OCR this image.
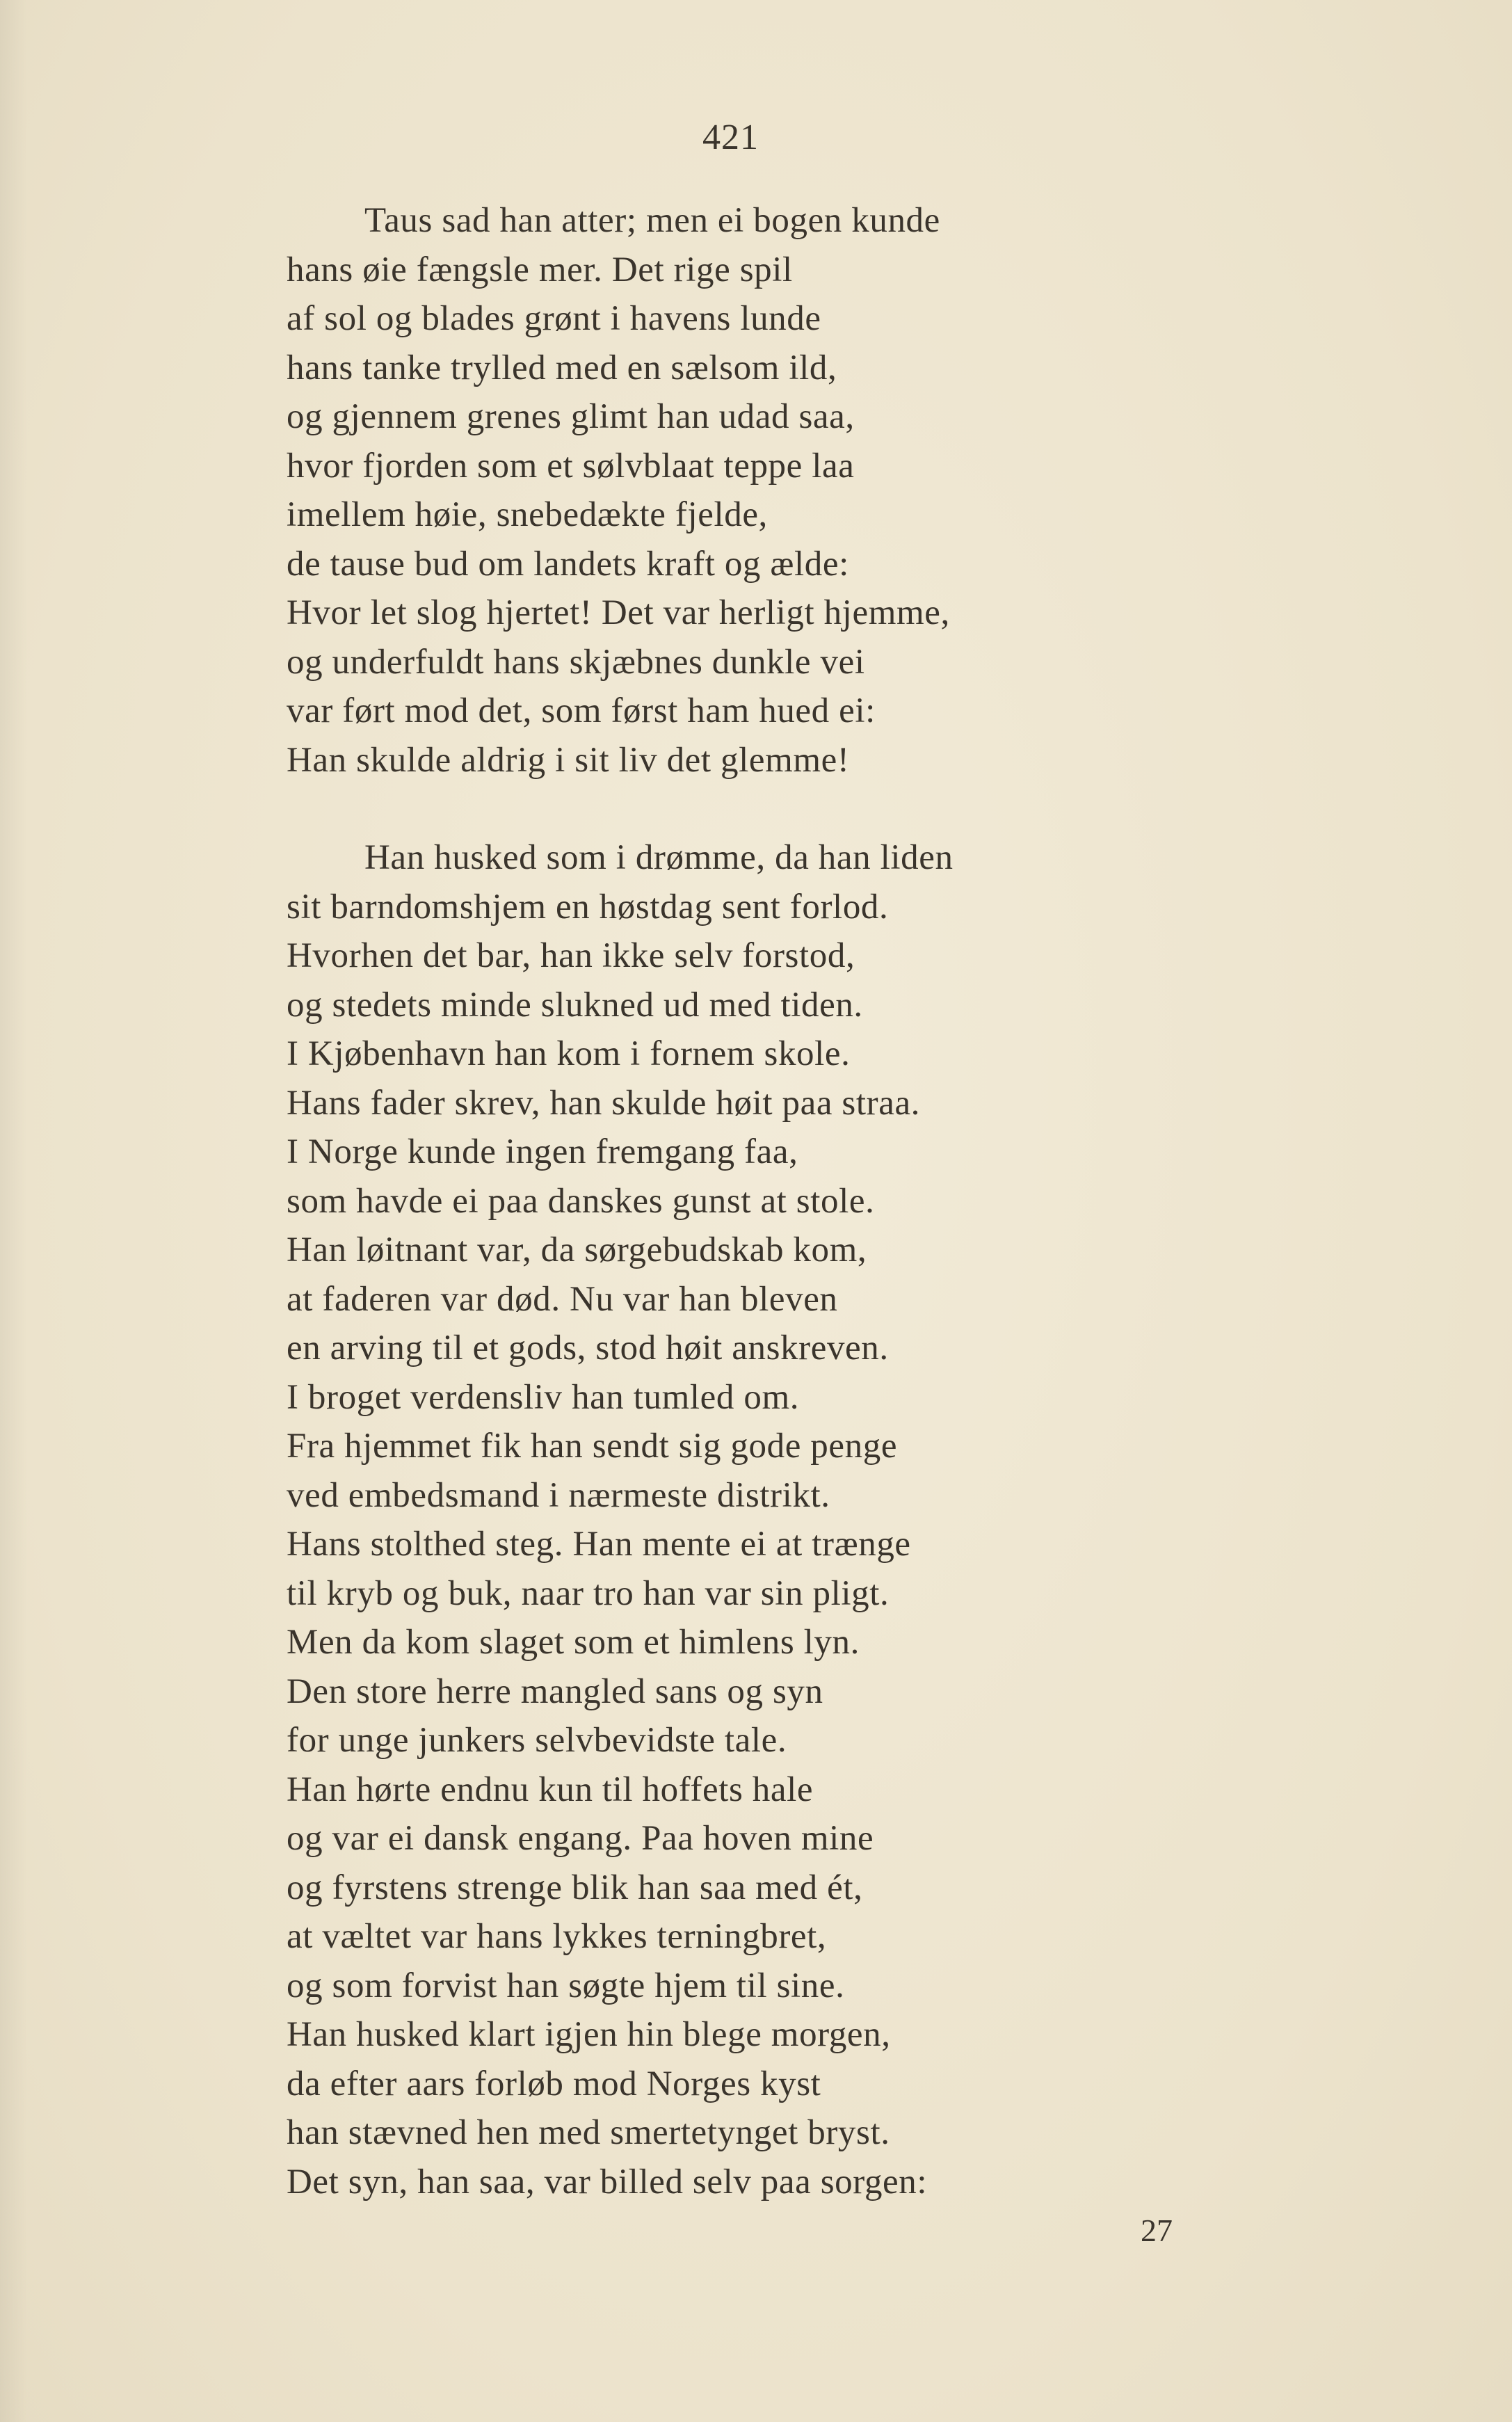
421
Taus sad han atter; men ei bogen kunde
hans øie fængsle mer. Det rige spil
af sol og blades grønt i havens lunde
hans tanke trylled med en sælsom ild,
og gjennem grenes glimt han udad saa,
hvor fjorden som et sølvblaat teppe laa
imellem høie, snebedækte fjelde,
de tause bud om landets kraft og ælde:
Hvor let slog hjertet! Det var herligt hjemme,
og underfuldt hans skjæbnes dunkle vei
var ført mod det, som først ham hued ei:
Han skulde aldrig i sit liv det glemme!
Han husked som i drømme, da han liden
sit barndomshjem en høstdag sent forlod.
Hvorhen det bar, han ikke selv forstod,
og stedets minde slukned ud med tiden.
I Kjøbenhavn han kom i fornem skole.
Hans fader skrev, han skulde høit paa straa.
I Norge kunde ingen fremgang faa,
som havde ei paa danskes gunst at stole.
Han løitnant var, da sørgebudskab kom,
at faderen var død. Nu var han bleven
en arving til et gods, stod høit anskreven.
I broget verdensliv han tumled om.
Fra hjemmet fik han sendt sig gode penge
ved embedsmand i nærmeste distrikt.
Hans stolthed steg. Han mente ei at trænge
til kryb og buk, naar tro han var sin pligt.
Men da kom slaget som et himlens lyn.
Den store herre mangled sans og syn
for unge junkers selvbevidste tale.
Han hørte endnu kun til hoffets hale
og var ei dansk engang. Paa hoven mine
og fyrstens strenge blik han saa med ét,
at væltet var hans lykkes terningbret,
og som forvist han søgte hjem til sine.
Han husked klart igjen hin blege morgen,
da efter aars forløb mod Norges kyst
han stævned hen med smertetynget bryst.
Det syn, han saa, var billed selv paa sorgen:
27
